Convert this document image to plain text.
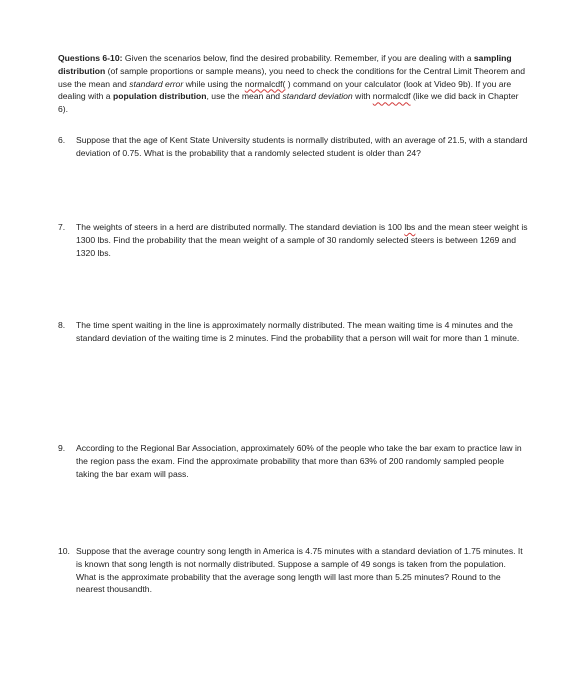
Questions 6-10: Given the scenarios below, find the desired probability. Remember, if you are dealing with a sampling distribution (of sample proportions or sample means), you need to check the conditions for the Central Limit Theorem and use the mean and standard error while using the normalcdf( ) command on your calculator (look at Video 9b). If you are dealing with a population distribution, use the mean and standard deviation with normalcdf (like we did back in Chapter 6).
6.	Suppose that the age of Kent State University students is normally distributed, with an average of 21.5, with a standard deviation of 0.75. What is the probability that a randomly selected student is older than 24?
7.	The weights of steers in a herd are distributed normally. The standard deviation is 100 lbs and the mean steer weight is 1300 lbs. Find the probability that the mean weight of a sample of 30 randomly selected steers is between 1269 and 1320 lbs.
8.	The time spent waiting in the line is approximately normally distributed. The mean waiting time is 4 minutes and the standard deviation of the waiting time is 2 minutes. Find the probability that a person will wait for more than 1 minute.
9.	According to the Regional Bar Association, approximately 60% of the people who take the bar exam to practice law in the region pass the exam. Find the approximate probability that more than 63% of 200 randomly sampled people taking the bar exam will pass.
10. Suppose that the average country song length in America is 4.75 minutes with a standard deviation of 1.75 minutes. It is known that song length is not normally distributed. Suppose a sample of 49 songs is taken from the population. What is the approximate probability that the average song length will last more than 5.25 minutes? Round to the nearest thousandth.
